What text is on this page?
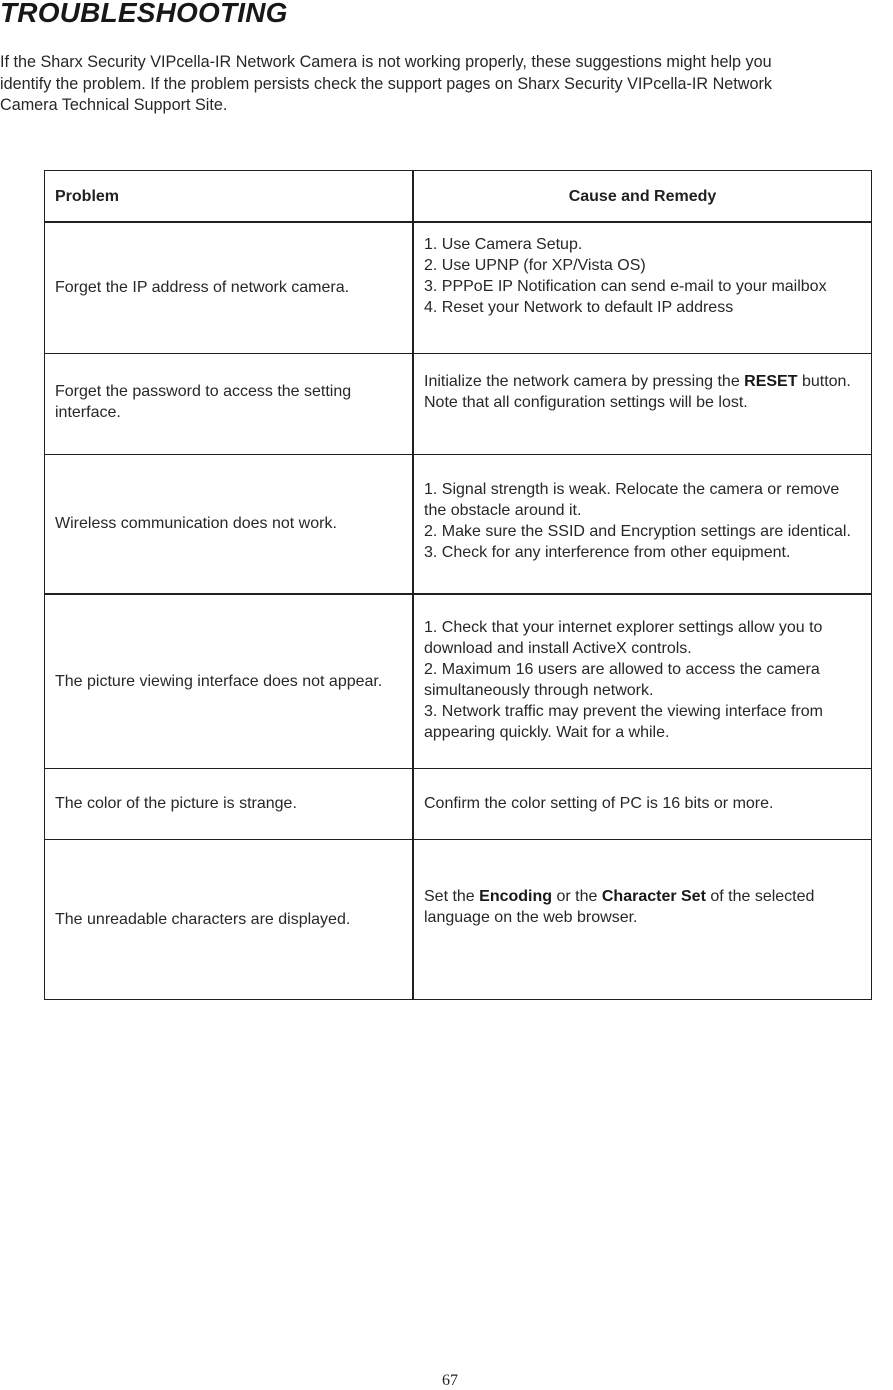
TROUBLESHOOTING

If the Sharx Security VIPcella-IR Network Camera is not working properly, these suggestions might help you
identify the problem. If the problem persists check the support pages on Sharx Security VIPcella-IR Network
Camera Technical Support Site.

Problem	Cause and Remedy
Forget the IP address of network camera.	1. Use Camera Setup.
2. Use UPNP (for XP/Vista OS)
3. PPPoE IP Notification can send e-mail to your mailbox
4. Reset your Network to default IP address

Forget the password to access the setting interface.	Initialize the network camera by pressing the RESET button. Note that all configuration settings will be lost.
Wireless communication does not work.	1. Signal strength is weak. Relocate the camera or remove the obstacle around it.
2. Make sure the SSID and Encryption settings are identical.
3. Check for any interference from other equipment.

The picture viewing interface does not appear.	1. Check that your internet explorer settings allow you to download and install ActiveX controls.
2. Maximum 16 users are allowed to access the camera simultaneously through network.
3. Network traffic may prevent the viewing interface from appearing quickly. Wait for a while.

The color of the picture is strange.	Confirm the color setting of PC is 16 bits or more.
The unreadable characters are displayed.	Set the Encoding or the Character Set of the selected language on the web browser.
67
